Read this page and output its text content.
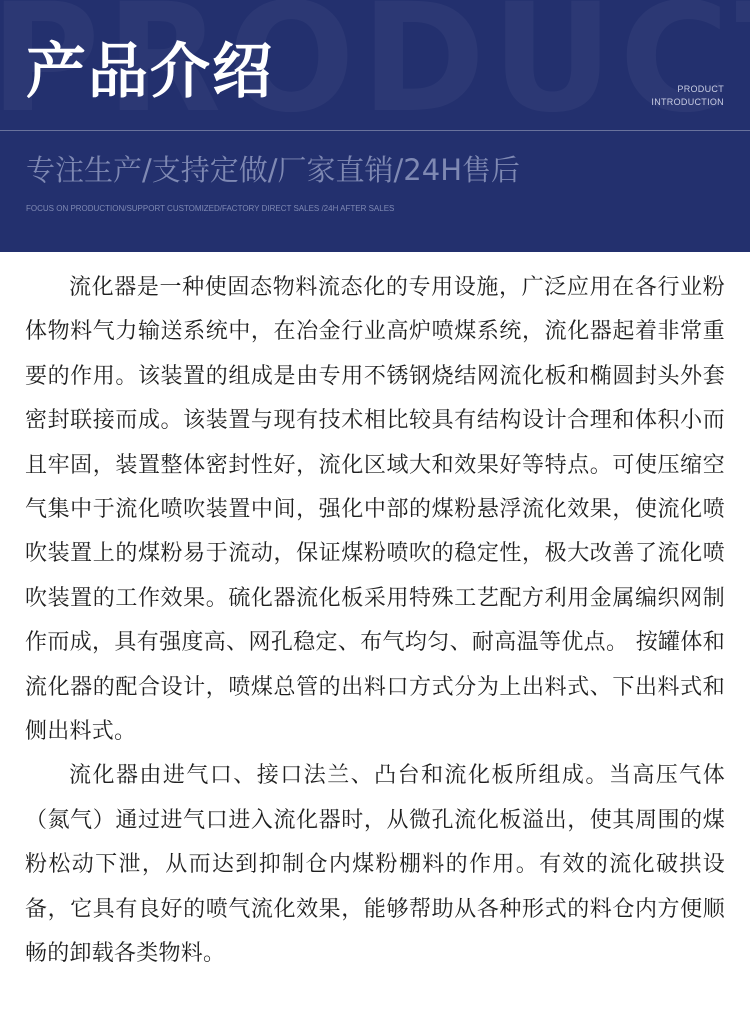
产品介绍	PRODUCT
INTRODUCTION
专注生产/支持定做/厂家直销/24H售后
FOCUS ON PRODUCTION/SUPPORT CUSTOMIZED/FACTORY DIRECT SALES /24H AFTER SALES

流化器是一种使固态物料流态化的专用设施，广泛应用在各行业粉体物料气力输送系统中，在冶金行业高炉喷煤系统，流化器起着非常重要的作用。该装置的组成是由专用不锈钢烧结网流化板和椭圆封头外套密封联接而成。该装置与现有技术相比较具有结构设计合理和体积小而且牢固，装置整体密封性好，流化区域大和效果好等特点。可使压缩空气集中于流化喷吹装置中间，强化中部的煤粉悬浮流化效果，使流化喷吹装置上的煤粉易于流动，保证煤粉喷吹的稳定性，极大改善了流化喷吹装置的工作效果。硫化器流化板采用特殊工艺配方利用金属编织网制作而成，具有强度高、网孔稳定、布气均匀、耐高温等优点。 按罐体和流化器的配合设计，喷煤总管的出料口方式分为上出料式、下出料式和侧出料式。

流化器由进气口、接口法兰、凸台和流化板所组成。当高压气体（氮气）通过进气口进入流化器时，从微孔流化板溢出，使其周围的煤粉松动下泄，从而达到抑制仓内煤粉棚料的作用。有效的流化破拱设备，它具有良好的喷气流化效果，能够帮助从各种形式的料仓内方便顺畅的卸载各类物料。
